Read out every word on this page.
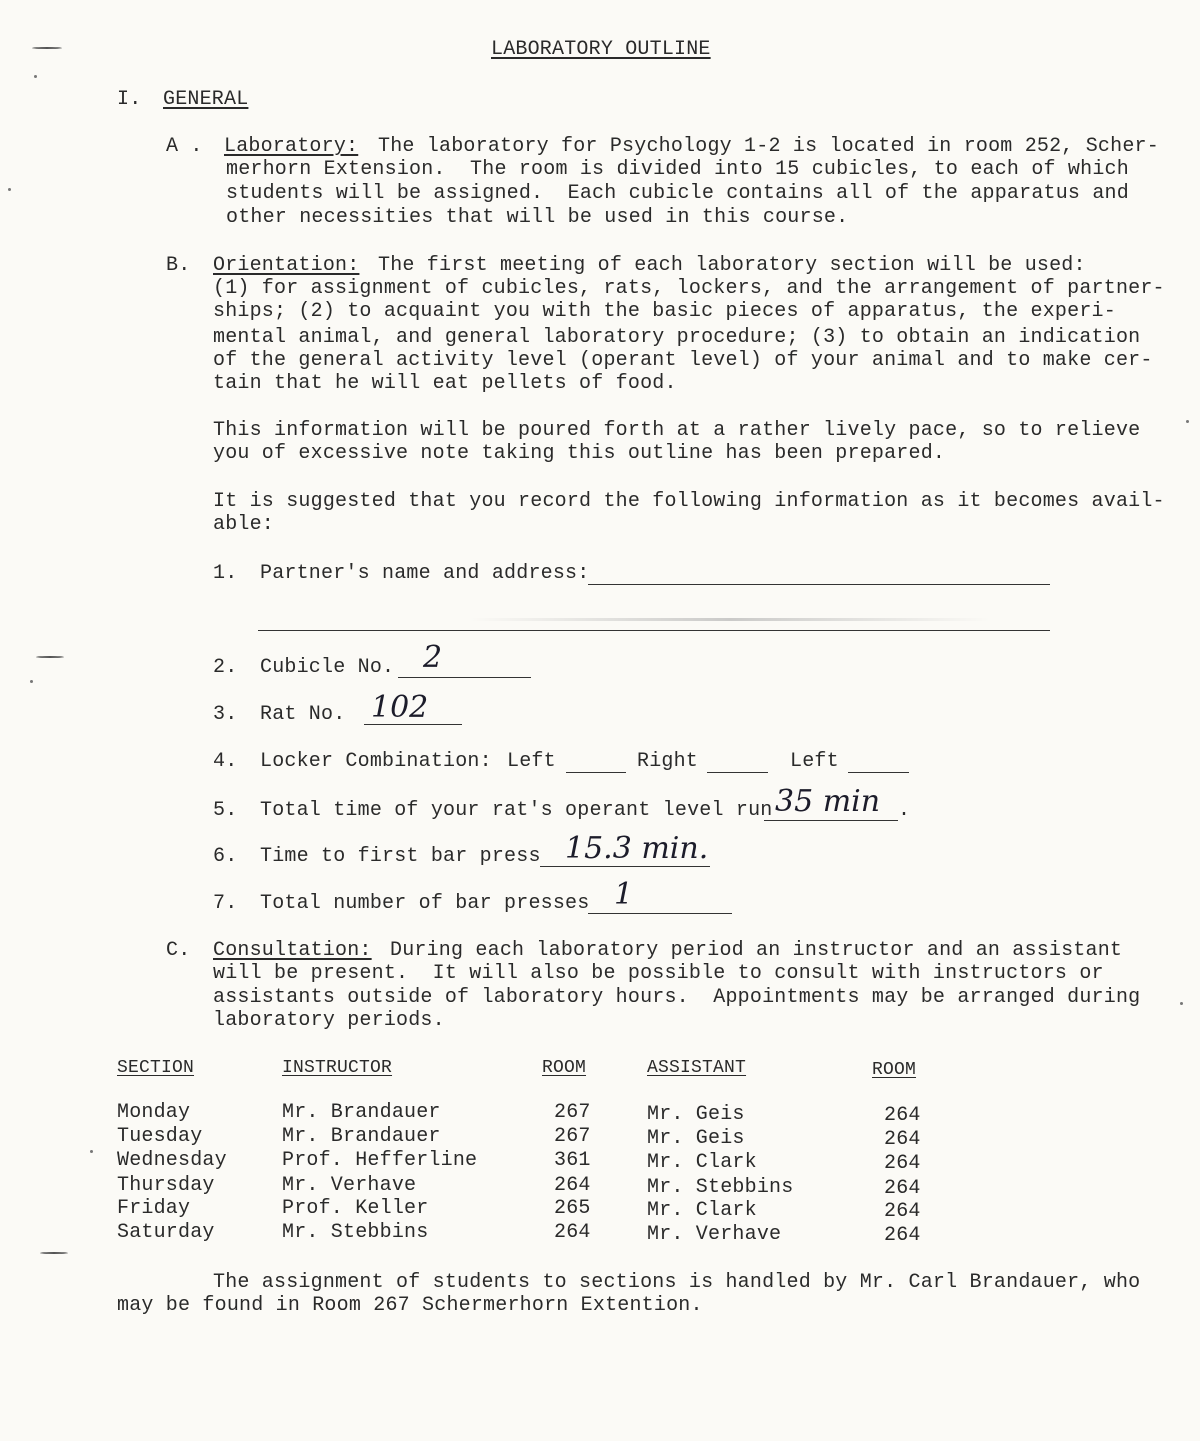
LABORATORY OUTLINE
I. GENERAL
A . Laboratory: The laboratory for Psychology 1-2 is located in room 252, Scher-
merhorn Extension.  The room is divided into 15 cubicles, to each of which
students will be assigned.  Each cubicle contains all of the apparatus and
other necessities that will be used in this course.
B. Orientation: The first meeting of each laboratory section will be used:
(1) for assignment of cubicles, rats, lockers, and the arrangement of partner-
ships; (2) to acquaint you with the basic pieces of apparatus, the experi-
mental animal, and general laboratory procedure; (3) to obtain an indication
of the general activity level (operant level) of your animal and to make cer-
tain that he will eat pellets of food.
This information will be poured forth at a rather lively pace, so to relieve
you of excessive note taking this outline has been prepared.
It is suggested that you record the following information as it becomes avail-
able:
1. Partner's name and address:
2. Cubicle No. 2
3. Rat No. 102
4. Locker Combination: Left	Right	Left
5. Total time of your rat's operant level run 35 min .
6. Time to first bar press 15.3 min.
7. Total number of bar presses 1
C. Consultation: During each laboratory period an instructor and an assistant
will be present.  It will also be possible to consult with instructors or
assistants outside of laboratory hours.  Appointments may be arranged during
laboratory periods.
SECTION	INSTRUCTOR	ROOM	ASSISTANT	ROOM
Monday	Mr. Brandauer	267	Mr. Geis	264
Tuesday	Mr. Brandauer	267	Mr. Geis	264
Wednesday	Prof. Hefferline	361	Mr. Clark	264
Thursday	Mr. Verhave	264	Mr. Stebbins	264
Friday	Prof. Keller	265	Mr. Clark	264
Saturday	Mr. Stebbins	264	Mr. Verhave	264
The assignment of students to sections is handled by Mr. Carl Brandauer, who
may be found in Room 267 Schermerhorn Extention.
